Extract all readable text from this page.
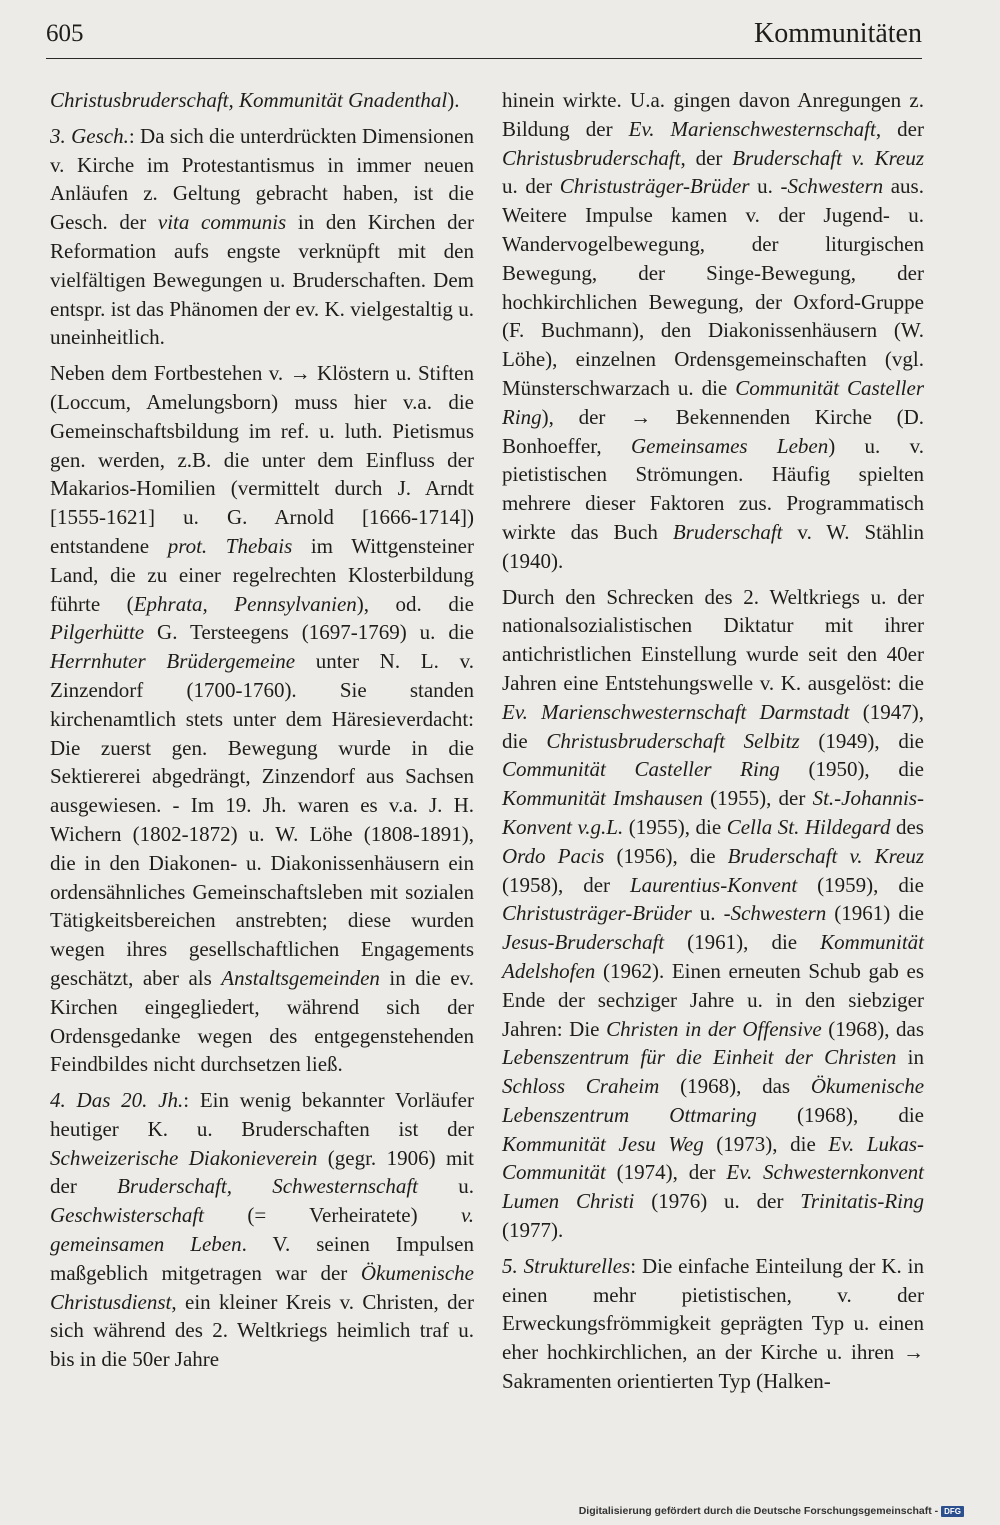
605	Kommunitäten

Christusbruderschaft, Kommunität Gnadenthal).

3. Gesch.: Da sich die unterdrückten Dimensionen v. Kirche im Protestantismus in immer neuen Anläufen z. Geltung gebracht haben, ist die Gesch. der vita communis in den Kirchen der Reformation aufs engste verknüpft mit den vielfältigen Bewegungen u. Bruderschaften. Dem entspr. ist das Phänomen der ev. K. vielgestaltig u. uneinheitlich.

Neben dem Fortbestehen v. → Klöstern u. Stiften (Loccum, Amelungsborn) muss hier v.a. die Gemeinschaftsbildung im ref. u. luth. Pietismus gen. werden, z.B. die unter dem Einfluss der Makarios-Homilien (vermittelt durch J. Arndt [1555-1621] u. G. Arnold [1666-1714]) entstandene prot. Thebais im Wittgensteiner Land, die zu einer regelrechten Klosterbildung führte (Ephrata, Pennsylvanien), od. die Pilgerhütte G. Tersteegens (1697-1769) u. die Herrnhuter Brüdergemeine unter N. L. v. Zinzendorf (1700-1760). Sie standen kirchenamtlich stets unter dem Häresieverdacht: Die zuerst gen. Bewegung wurde in die Sektiererei abgedrängt, Zinzendorf aus Sachsen ausgewiesen. - Im 19. Jh. waren es v.a. J. H. Wichern (1802-1872) u. W. Löhe (1808-1891), die in den Diakonen- u. Diakonissenhäusern ein ordensähnliches Gemeinschaftsleben mit sozialen Tätigkeitsbereichen anstrebten; diese wurden wegen ihres gesellschaftlichen Engagements geschätzt, aber als Anstaltsgemeinden in die ev. Kirchen eingegliedert, während sich der Ordensgedanke wegen des entgegenstehenden Feindbildes nicht durchsetzen ließ.

4. Das 20. Jh.: Ein wenig bekannter Vorläufer heutiger K. u. Bruderschaften ist der Schweizerische Diakonieverein (gegr. 1906) mit der Bruderschaft, Schwesternschaft u. Geschwisterschaft (= Verheiratete) v. gemeinsamen Leben. V. seinen Impulsen maßgeblich mitgetragen war der Ökumenische Christusdienst, ein kleiner Kreis v. Christen, der sich während des 2. Weltkriegs heimlich traf u. bis in die 50er Jahre

hinein wirkte. U.a. gingen davon Anregungen z. Bildung der Ev. Marienschwesternschaft, der Christusbruderschaft, der Bruderschaft v. Kreuz u. der Christusträger-Brüder u. -Schwestern aus. Weitere Impulse kamen v. der Jugend- u. Wandervogelbewegung, der liturgischen Bewegung, der Singe-Bewegung, der hochkirchlichen Bewegung, der Oxford-Gruppe (F. Buchmann), den Diakonissenhäusern (W. Löhe), einzelnen Ordensgemeinschaften (vgl. Münsterschwarzach u. die Communität Casteller Ring), der → Bekennenden Kirche (D. Bonhoeffer, Gemeinsames Leben) u. v. pietistischen Strömungen. Häufig spielten mehrere dieser Faktoren zus. Programmatisch wirkte das Buch Bruderschaft v. W. Stählin (1940).

Durch den Schrecken des 2. Weltkriegs u. der nationalsozialistischen Diktatur mit ihrer antichristlichen Einstellung wurde seit den 40er Jahren eine Entstehungswelle v. K. ausgelöst: die Ev. Marienschwesternschaft Darmstadt (1947), die Christusbruderschaft Selbitz (1949), die Communität Casteller Ring (1950), die Kommunität Imshausen (1955), der St.-Johannis-Konvent v.g.L. (1955), die Cella St. Hildegard des Ordo Pacis (1956), die Bruderschaft v. Kreuz (1958), der Laurentius-Konvent (1959), die Christusträger-Brüder u. -Schwestern (1961) die Jesus-Bruderschaft (1961), die Kommunität Adelshofen (1962). Einen erneuten Schub gab es Ende der sechziger Jahre u. in den siebziger Jahren: Die Christen in der Offensive (1968), das Lebenszentrum für die Einheit der Christen in Schloss Craheim (1968), das Ökumenische Lebenszentrum Ottmaring (1968), die Kommunität Jesu Weg (1973), die Ev. Lukas-Communität (1974), der Ev. Schwesternkonvent Lumen Christi (1976) u. der Trinitatis-Ring (1977).

5. Strukturelles: Die einfache Einteilung der K. in einen mehr pietistischen, v. der Erweckungsfrömmigkeit geprägten Typ u. einen eher hochkirchlichen, an der Kirche u. ihren → Sakramenten orientierten Typ (Halken-

Digitalisierung gefördert durch die Deutsche Forschungsgemeinschaft - DFG
